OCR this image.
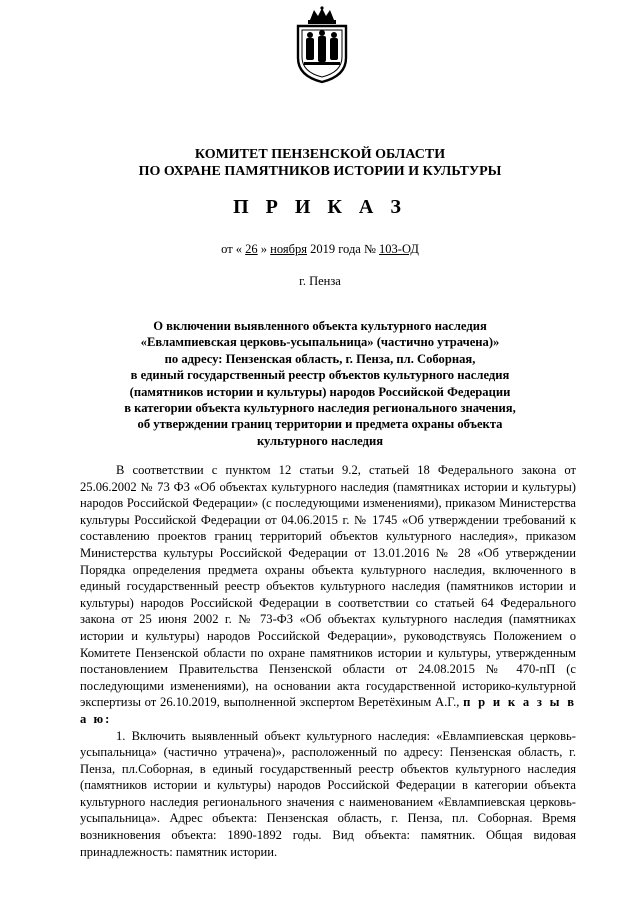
КОМИТЕТ ПЕНЗЕНСКОЙ ОБЛАСТИ
ПО ОХРАНЕ ПАМЯТНИКОВ ИСТОРИИ И КУЛЬТУРЫ
П Р И К А З
от « 26 » ноября 2019 года № 103-ОД
г. Пенза
О включении выявленного объекта культурного наследия
«Евлампиевская церковь-усыпальница» (частично утрачена)»
по адресу: Пензенская область, г. Пенза, пл. Соборная,
в единый государственный реестр объектов культурного наследия
(памятников истории и культуры) народов Российской Федерации
в категории объекта культурного наследия регионального значения,
об утверждении границ территории и предмета охраны объекта
культурного наследия

В соответствии с пунктом 12 статьи 9.2, статьей 18 Федерального закона от 25.06.2002 № 73 ФЗ «Об объектах культурного наследия (памятниках истории и культуры) народов Российской Федерации» (с последующими изменениями), приказом Министерства культуры Российской Федерации от 04.06.2015 г. № 1745 «Об утверждении требований к составлению проектов границ территорий объектов культурного наследия», приказом Министерства культуры Российской Федерации от 13.01.2016 № 28 «Об утверждении Порядка определения предмета охраны объекта культурного наследия, включенного в единый государственный реестр объектов культурного наследия (памятников истории и культуры) народов Российской Федерации в соответствии со статьей 64 Федерального закона от 25 июня 2002 г. № 73-ФЗ «Об объектах культурного наследия (памятниках истории и культуры) народов Российской Федерации», руководствуясь Положением о Комитете Пензенской области по охране памятников истории и культуры, утвержденным постановлением Правительства Пензенской области от 24.08.2015 № 470-пП (с последующими изменениями), на основании акта государственной историко-культурной экспертизы от 26.10.2019, выполненной экспертом Веретёхиным А.Г., п р и к а з ы в а ю:

1. Включить выявленный объект культурного наследия: «Евлампиевская церковь-усыпальница» (частично утрачена)», расположенный по адресу: Пензенская область, г. Пенза, пл.Соборная, в единый государственный реестр объектов культурного наследия (памятников истории и культуры) народов Российской Федерации в категории объекта культурного наследия регионального значения с наименованием «Евлампиевская церковь-усыпальница». Адрес объекта: Пензенская область, г. Пенза, пл. Соборная. Время возникновения объекта: 1890-1892 годы. Вид объекта: памятник. Общая видовая принадлежность: памятник истории.
